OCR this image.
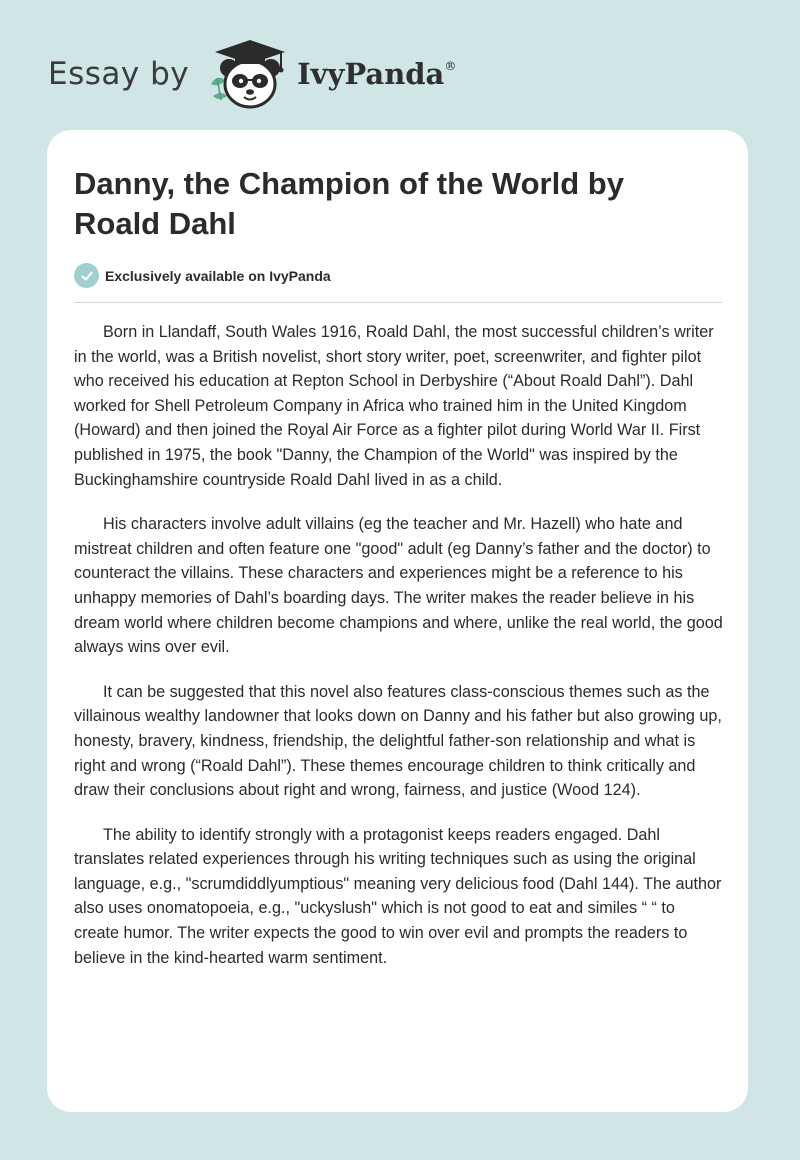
Essay by	IvyPanda®
Danny, the Champion of the World by Roald Dahl
Exclusively available on IvyPanda

Born in Llandaff, South Wales 1916, Roald Dahl, the most successful children’s writer in the world, was a British novelist, short story writer, poet, screenwriter, and fighter pilot who received his education at Repton School in Derbyshire (“About Roald Dahl”). Dahl worked for Shell Petroleum Company in Africa who trained him in the United Kingdom (Howard) and then joined the Royal Air Force as a fighter pilot during World War II. First published in 1975, the book "Danny, the Champion of the World" was inspired by the Buckinghamshire countryside Roald Dahl lived in as a child.

His characters involve adult villains (eg the teacher and Mr. Hazell) who hate and mistreat children and often feature one "good" adult (eg Danny’s father and the doctor) to counteract the villains. These characters and experiences might be a reference to his unhappy memories of Dahl’s boarding days. The writer makes the reader believe in his dream world where children become champions and where, unlike the real world, the good always wins over evil.

It can be suggested that this novel also features class-conscious themes such as the villainous wealthy landowner that looks down on Danny and his father but also growing up, honesty, bravery, kindness, friendship, the delightful father-son relationship and what is right and wrong (“Roald Dahl”). These themes encourage children to think critically and draw their conclusions about right and wrong, fairness, and justice (Wood 124).

The ability to identify strongly with a protagonist keeps readers engaged. Dahl translates related experiences through his writing techniques such as using the original language, e.g., "scrumdiddlyumptious" meaning very delicious food (Dahl 144). The author also uses onomatopoeia, e.g., "uckyslush" which is not good to eat and similes “ “ to create humor. The writer expects the good to win over evil and prompts the readers to believe in the kind-hearted warm sentiment.
